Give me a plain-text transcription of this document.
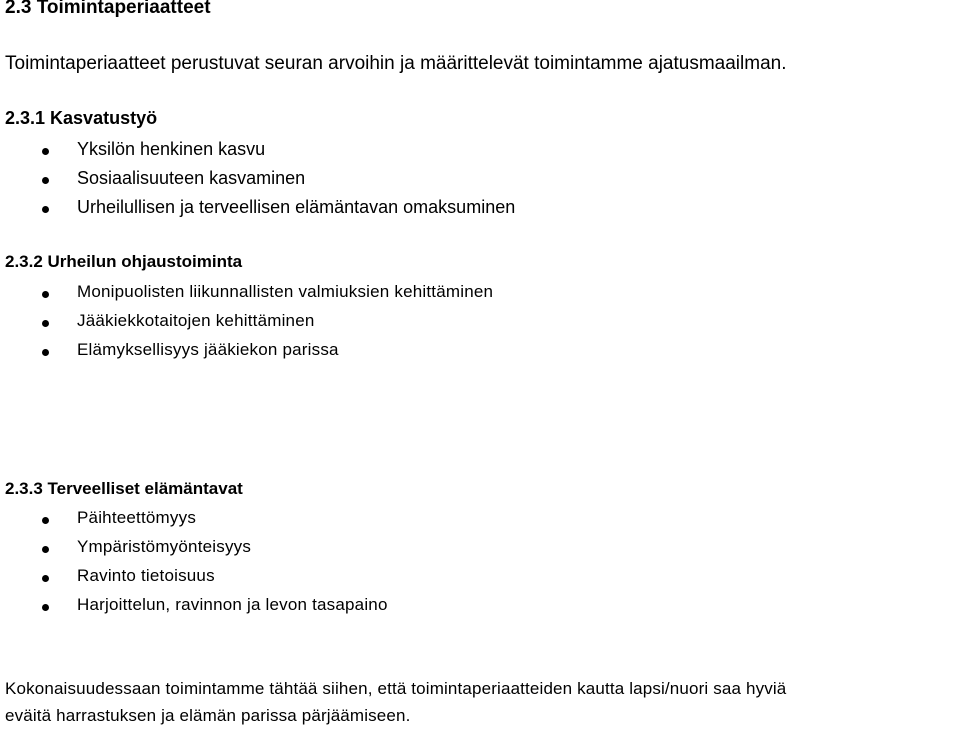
2.3 Toimintaperiaatteet
Toimintaperiaatteet perustuvat seuran arvoihin ja määrittelevät toimintamme ajatusmaailman.
2.3.1 Kasvatustyö
Yksilön henkinen kasvu
Sosiaalisuuteen kasvaminen
Urheilullisen ja terveellisen elämäntavan omaksuminen
2.3.2 Urheilun ohjaustoiminta
Monipuolisten liikunnallisten valmiuksien kehittäminen
Jääkiekkotaitojen kehittäminen
Elämyksellisyys jääkiekon parissa
2.3.3 Terveelliset elämäntavat
Päihteettömyys
Ympäristömyönteisyys
Ravinto tietoisuus
Harjoittelun, ravinnon ja levon tasapaino
Kokonaisuudessaan toimintamme tähtää siihen, että toimintaperiaatteiden kautta lapsi/nuori saa hyviä
eväitä harrastuksen ja elämän parissa pärjäämiseen.
